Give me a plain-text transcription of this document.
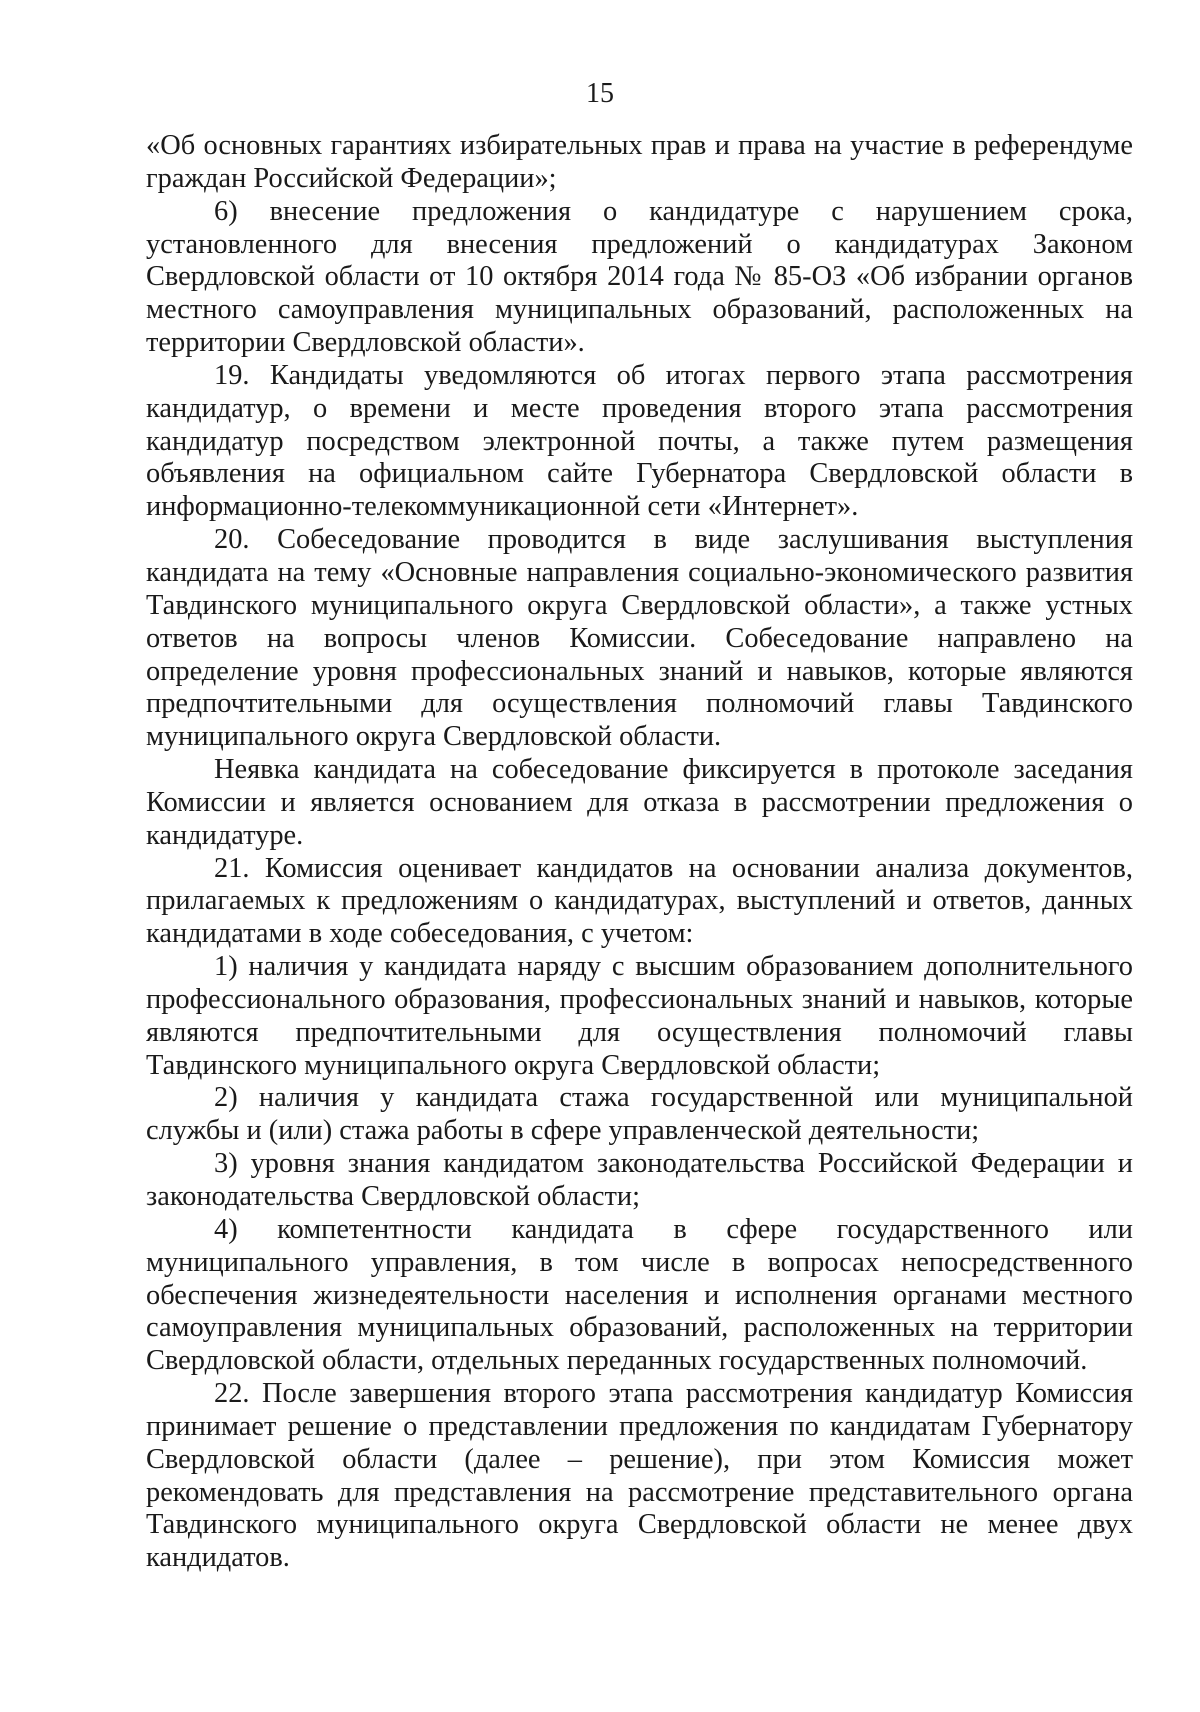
15

«Об основных гарантиях избирательных прав и права на участие в референдуме граждан Российской Федерации»;

6) внесение предложения о кандидатуре с нарушением срока, установленного для внесения предложений о кандидатурах Законом Свердловской области от 10 октября 2014 года № 85-ОЗ «Об избрании органов местного самоуправления муниципальных образований, расположенных на территории Свердловской области».

19. Кандидаты уведомляются об итогах первого этапа рассмотрения кандидатур, о времени и месте проведения второго этапа рассмотрения кандидатур посредством электронной почты, а также путем размещения объявления на официальном сайте Губернатора Свердловской области в информационно-телекоммуникационной сети «Интернет».

20. Собеседование проводится в виде заслушивания выступления кандидата на тему «Основные направления социально-экономического развития Тавдинского муниципального округа Свердловской области», а также устных ответов на вопросы членов Комиссии. Собеседование направлено на определение уровня профессиональных знаний и навыков, которые являются предпочтительными для осуществления полномочий главы Тавдинского муниципального округа Свердловской области.

Неявка кандидата на собеседование фиксируется в протоколе заседания Комиссии и является основанием для отказа в рассмотрении предложения о кандидатуре.

21. Комиссия оценивает кандидатов на основании анализа документов, прилагаемых к предложениям о кандидатурах, выступлений и ответов, данных кандидатами в ходе собеседования, с учетом:

1) наличия у кандидата наряду с высшим образованием дополнительного профессионального образования, профессиональных знаний и навыков, которые являются предпочтительными для осуществления полномочий главы Тавдинского муниципального округа Свердловской области;

2) наличия у кандидата стажа государственной или муниципальной службы и (или) стажа работы в сфере управленческой деятельности;

3) уровня знания кандидатом законодательства Российской Федерации и законодательства Свердловской области;

4) компетентности кандидата в сфере государственного или муниципального управления, в том числе в вопросах непосредственного обеспечения жизнедеятельности населения и исполнения органами местного самоуправления муниципальных образований, расположенных на территории Свердловской области, отдельных переданных государственных полномочий.

22. После завершения второго этапа рассмотрения кандидатур Комиссия принимает решение о представлении предложения по кандидатам Губернатору Свердловской области (далее – решение), при этом Комиссия может рекомендовать для представления на рассмотрение представительного органа Тавдинского муниципального округа Свердловской области не менее двух кандидатов.
